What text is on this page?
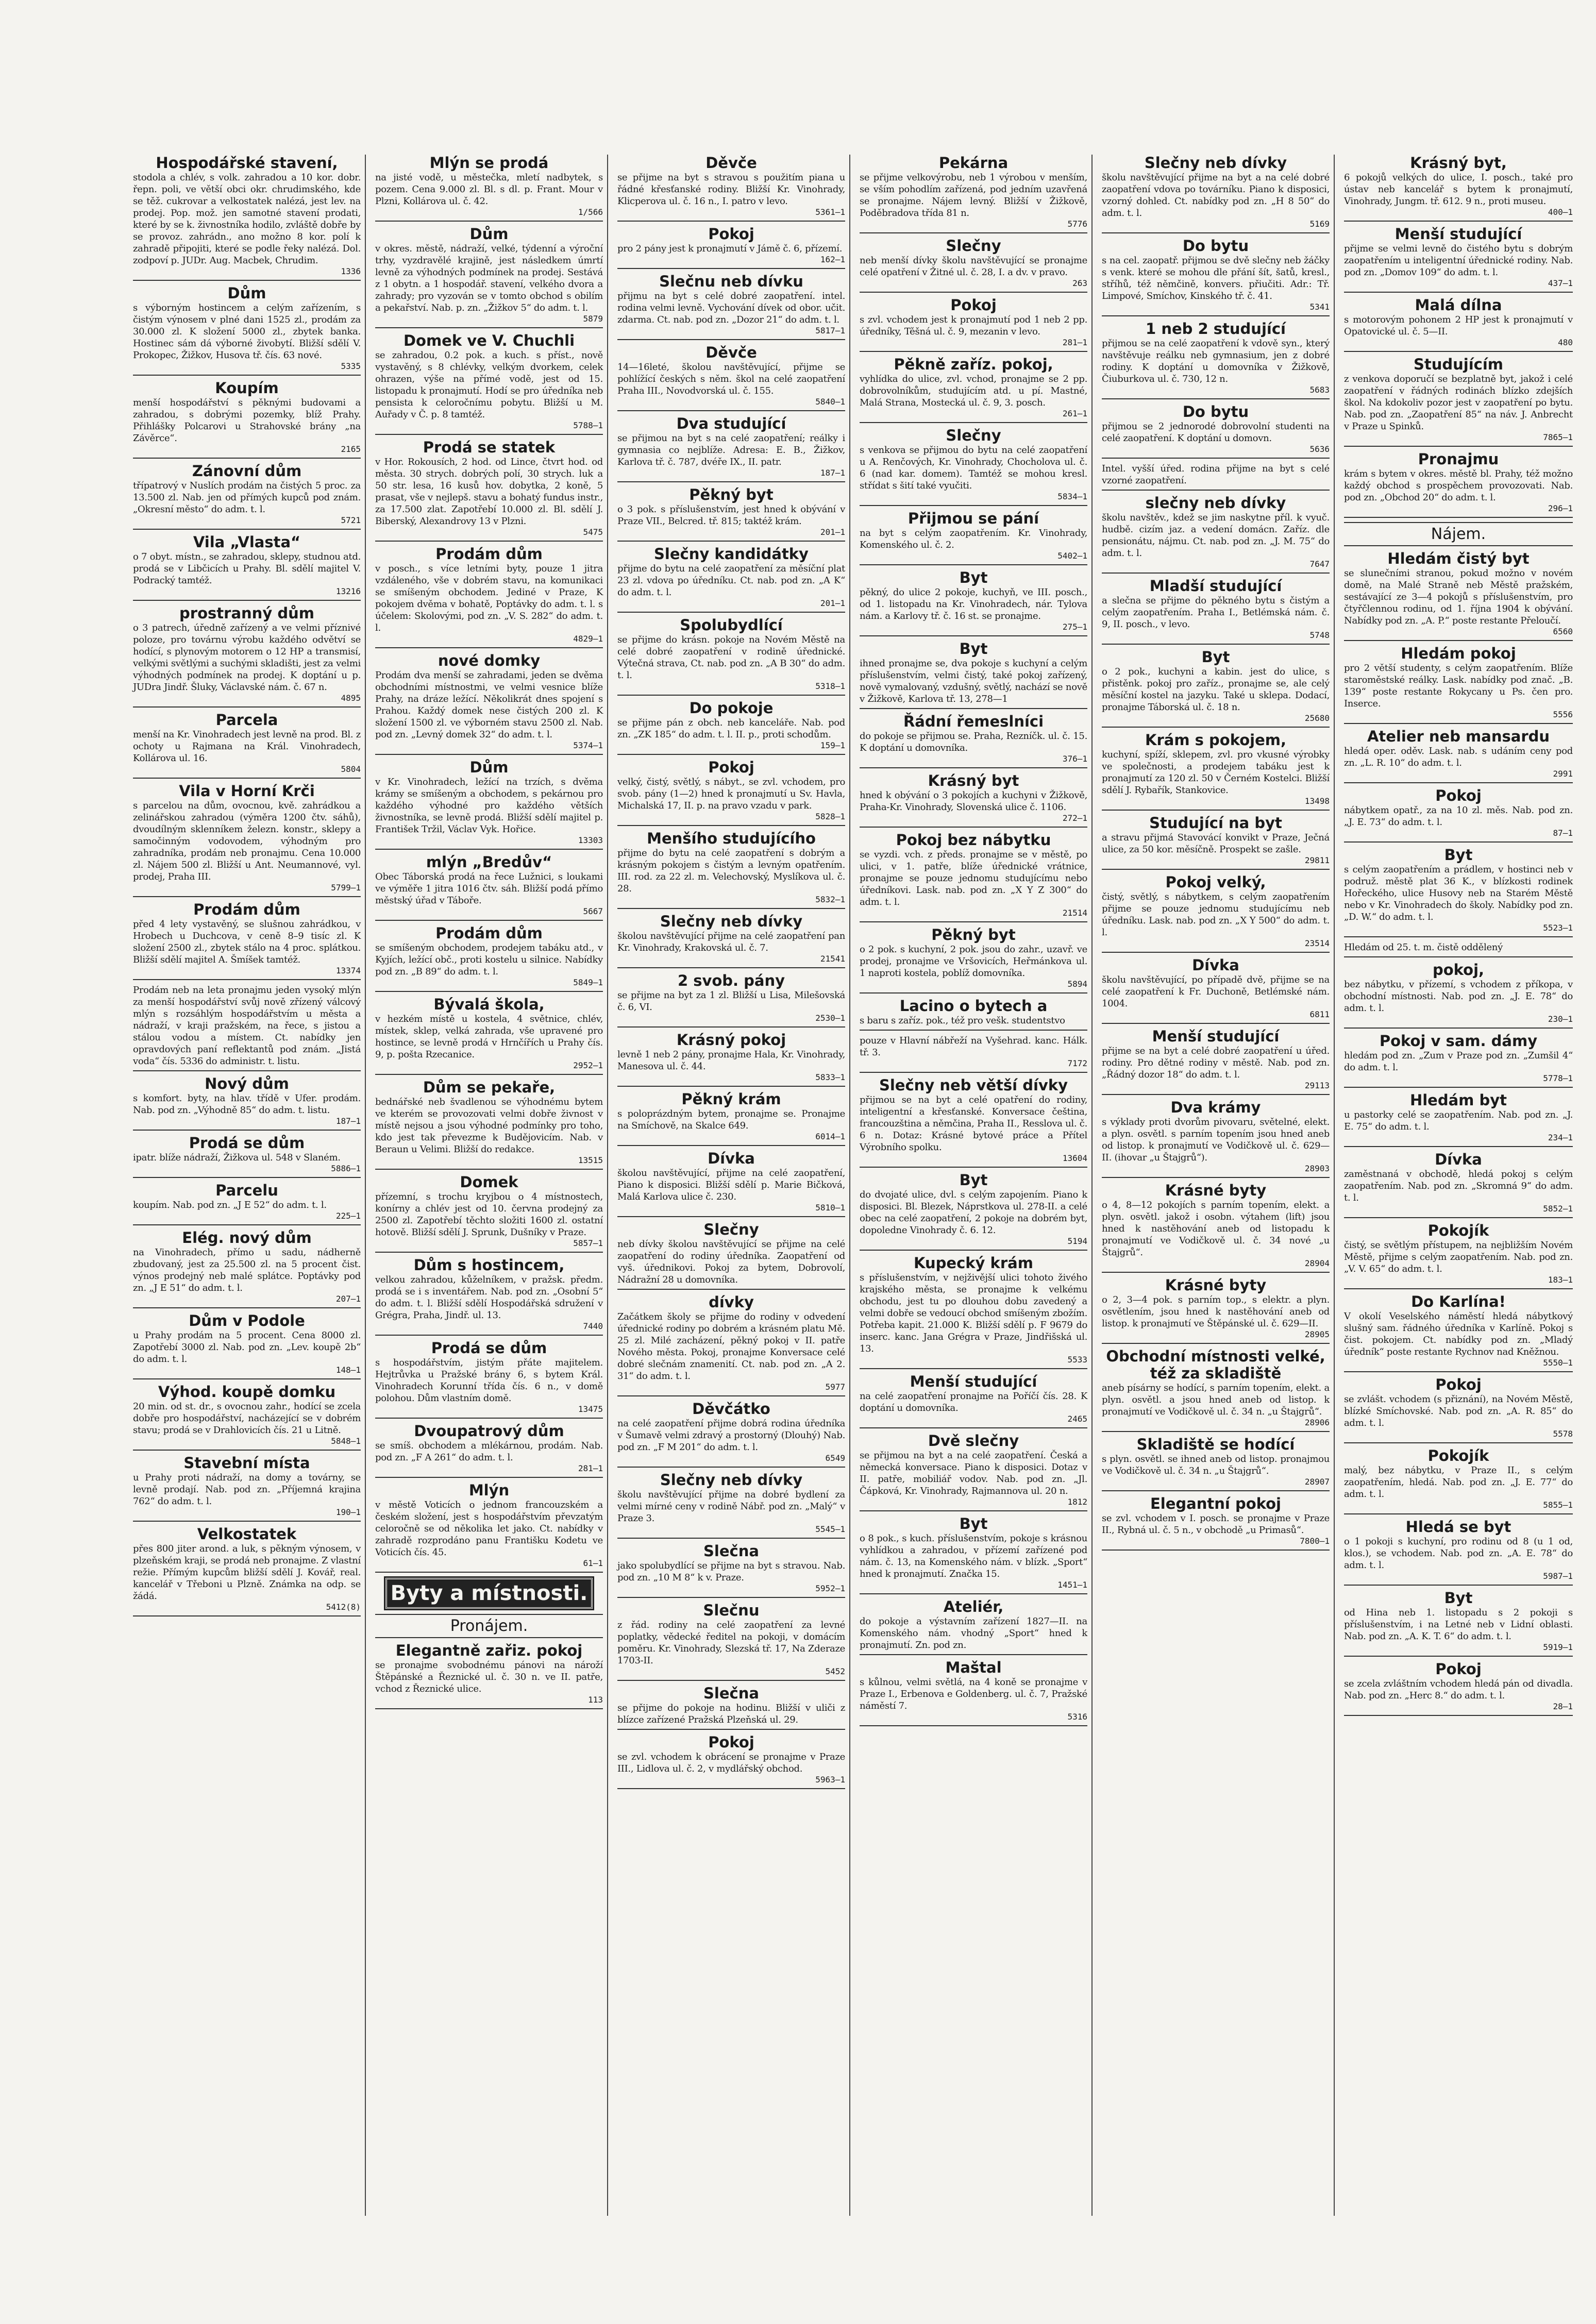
Hospodářské stavení,

stodola a chlév, s volk. zahradou a 10 kor. dobr. řepn. poli, ve větší obci okr. chrudimského, kde se těž. cukrovar a velkostatek nalézá, jest lev. na prodej. Pop. mož. jen samotné stavení prodati, které by se k. živnostníka hodilo, zvláště dobře by se provoz. zahrádn., ano možno 8 kor. polí k zahradě připojiti, které se podle řeky nalézá. Dol. zodpoví p. JUDr. Aug. Macbek, Chrudim.

1336

Dům

s výborným hostincem a celým zařízením, s čistým výnosem v plné dani 1525 zl., prodám za 30.000 zl. K složení 5000 zl., zbytek banka. Hostinec sám dá výborné živobytí. Bližší sdělí V. Prokopec, Žižkov, Husova tř. čís. 63 nové.

5335

Koupím

menší hospodářství s pěknými budovami a zahradou, s dobrými pozemky, blíž Prahy. Přihlášky Polcarovi u Strahovské brány „na Závěrce“.

2165

Zánovní dům

třípatrový v Nuslích prodám na čistých 5 proc. za 13.500 zl. Nab. jen od přímých kupců pod znám. „Okresní město“ do adm. t. l.

5721

Vila „Vlasta“

o 7 obyt. místn., se zahradou, sklepy, studnou atd. prodá se v Libčicích u Prahy. Bl. sdělí majitel V. Podracký tamtéž.

13216

prostranný dům

o 3 patrech, úředně zařízený a ve velmi příznivé poloze, pro továrnu výrobu každého odvětví se hodící, s plynovým motorem o 12 HP a transmisí, velkými světlými a suchými skladišti, jest za velmi výhodných podmínek na prodej. K doptání u p. JUDra Jindř. Šluky, Václavské nám. č. 67 n.

4895

Parcela

menší na Kr. Vinohradech jest levně na prod. Bl. z ochoty u Rajmana na Král. Vinohradech, Kollárova ul. 16.

5804

Vila v Horní Krči

s parcelou na dům, ovocnou, kvě. zahrádkou a zelinářskou zahradou (výměra 1200 čtv. sáhů), dvoudílným sklenníkem železn. konstr., sklepy a samočinným vodovodem, výhodným pro zahradníka, prodám neb pronajmu. Cena 10.000 zl. Nájem 500 zl. Bližší u Ant. Neumannové, vyl. prodej, Praha III.

5799—1

Prodám dům

před 4 lety vystavěný, se slušnou zahrádkou, v Hrobech u Duchcova, v ceně 8–9 tisíc zl. K složení 2500 zl., zbytek stálo na 4 proc. splátkou. Bližší sdělí majitel A. Šmíšek tamtéž.

13374

Prodám neb na leta pronajmu jeden vysoký mlýn za menší hospodářství svůj nově zřízený válcový mlýn s rozsáhlým hospodářstvím u města a nádraží, v kraji pražském, na řece, s jistou a stálou vodou a místem. Ct. nabídky jen opravdových paní reflektantů pod znám. „Jistá voda“ čís. 5336 do administr. t. listu.

Nový dům

s komfort. byty, na hlav. třídě v Ufer. prodám. Nab. pod zn. „Výhodně 85“ do adm. t. listu.

187—1

Prodá se dům

ipatr. blíže nádraží, Žižkova ul. 548 v Slaném.

5886—1

Parcelu

koupím. Nab. pod zn. „J E 52“ do adm. t. l.

225—1

Elég. nový dům

na Vinohradech, přímo u sadu, nádherně zbudovaný, jest za 25.500 zl. na 5 procent čist. výnos prodejný neb malé splátce. Poptávky pod zn. „J E 51“ do adm. t. l.

207—1

Dům v Podole

u Prahy prodám na 5 procent. Cena 8000 zl. Zapotřebí 3000 zl. Nab. pod zn. „Lev. koupě 2b“ do adm. t. l.

148—1

Výhod. koupě domku

20 min. od st. dr., s ovocnou zahr., hodící se zcela dobře pro hospodářství, nacházející se v dobrém stavu; prodá se v Drahlovicích čís. 21 u Litně.

5848—1

Stavební místa

u Prahy proti nádraží, na domy a továrny, se levně prodají. Nab. pod zn. „Příjemná krajina 762“ do adm. t. l.

190—1

Velkostatek

přes 800 jiter arond. a luk, s pěkným výnosem, v plzeňském kraji, se prodá neb pronajme. Z vlastní režie. Přímým kupcům bližší sdělí J. Kovář, real. kancelář v Třeboni u Plzně. Známka na odp. se žádá.

5412(8)

Mlýn se prodá

na jisté vodě, u městečka, mletí nadbytek, s pozem. Cena 9.000 zl. Bl. s dl. p. Frant. Mour v Plzni, Kollárova ul. č. 42.

1/566

Dům

v okres. městě, nádraží, velké, týdenní a výroční trhy, vyzdravělé krajině, jest následkem úmrtí levně za výhodných podmínek na prodej. Sestává z 1 obytn. a 1 hospodář. stavení, velkého dvora a zahrady; pro vyzován se v tomto obchod s obilím a pekařství. Nab. p. zn. „Žižkov 5“ do adm. t. l.

5879

Domek ve V. Chuchli

se zahradou, 0.2 pok. a kuch. s příst., nově vystavěný, s 8 chlévky, velkým dvorkem, celek ohrazen, výše na přímé vodě, jest od 15. listopadu k pronajmutí. Hodí se pro úředníka neb pensista k celoročnímu pobytu. Bližší u M. Auřady v Č. p. 8 tamtéž.

5788—1

Prodá se statek

v Hor. Rokousích, 2 hod. od Lince, čtvrt hod. od města. 30 strych. dobrých polí, 30 strych. luk a 50 str. lesa, 16 kusů hov. dobytka, 2 koně, 5 prasat, vše v nejlepš. stavu a bohatý fundus instr., za 17.500 zlat. Zapotřebí 10.000 zl. Bl. sdělí J. Biberský, Alexandrovy 13 v Plzni.

5475

Prodám dům

v posch., s více letními byty, pouze 1 jitra vzdáleného, vše v dobrém stavu, na komunikaci se smíšeným obchodem. Jediné v Praze, K pokojem dvěma v bohatě, Poptávky do adm. t. l. s účelem: Skolovými, pod zn. „V. S. 282“ do adm. t. l.

4829—1

nové domky

Prodám dva menší se zahradami, jeden se dvěma obchodními místnostmi, ve velmi vesnice blíže Prahy, na dráze ležící. Několikrát dnes spojení s Prahou. Každý domek nese čistých 200 zl. K složení 1500 zl. ve výborném stavu 2500 zl. Nab. pod zn. „Levný domek 32“ do adm. t. l.

5374—1

Dům

v Kr. Vinohradech, ležící na trzích, s dvěma krámy se smíšeným a obchodem, s pekárnou pro každého výhodné pro každého větších živnostníka, se levně prodá. Bližší sdělí majitel p. František Tržil, Václav Vyk. Hořice.

13303

mlýn „Bredův“

Obec Táborská prodá na řece Lužnici, s loukami ve výměře 1 jitra 1016 čtv. sáh. Bližší podá přímo městský úřad v Táboře.

5667

Prodám dům

se smíšeným obchodem, prodejem tabáku atd., v Kyjích, ležící obč., proti kostelu u silnice. Nabídky pod zn. „B 89“ do adm. t. l.

5849—1

Bývalá škola,

v hezkém místě u kostela, 4 světnice, chlév, místek, sklep, velká zahrada, vše upravené pro hostince, se levně prodá v Hrnčířích u Prahy čís. 9, p. pošta Rzecanice.

2952—1

Dům se pekaře,

bednářské neb švadlenou se výhodnému bytem ve kterém se provozovati velmi dobře živnost v místě nejsou a jsou výhodné podmínky pro toho, kdo jest tak převezme k Budějovicím. Nab. v Beraun u Velimi. Bližší do redakce.

13515

Domek

přízemní, s trochu kryjbou o 4 místnostech, konírny a chlév jest od 10. června prodejný za 2500 zl. Zapotřebí těchto složiti 1600 zl. ostatní hotově. Bližší sdělí J. Sprunk, Dušníky v Praze.

5857—1

Dům s hostincem,

velkou zahradou, kůželníkem, v pražsk. předm. prodá se i s inventářem. Nab. pod zn. „Osobní 5“ do adm. t. l. Bližší sdělí Hospodářská sdružení v Grégra, Praha, Jindř. ul. 13.

7440

Prodá se dům

s hospodářstvím, jistým přáte majitelem. Hejtrůvka u Pražské brány 6, s bytem Král. Vinohradech Korunní třída čís. 6 n., v domě polohou. Dům vlastním domě.

13475

Dvoupatrový dům

se smíš. obchodem a mlékárnou, prodám. Nab. pod zn. „F A 261“ do adm. t. l.

281—1

Mlýn

v městě Voticích o jednom francouzském a českém složení, jest s hospodářstvím převzatým celoročně se od několika let jako. Ct. nabídky v zahradě rozprodáno panu Františku Kodetu ve Voticích čís. 45.

61—1

Byty a místnosti.
Pronájem.

Elegantně zařiz. pokoj

se pronajme svobodnému pánovi na nároží Štěpánské a Řeznické ul. č. 30 n. ve II. patře, vchod z Řeznické ulice.

113

Děvče

se přijme na byt s stravou s použitím piana u řádné křesťanské rodiny. Bližší Kr. Vinohrady, Klicperova ul. č. 16 n., I. patro v levo.

5361—1

Pokoj

pro 2 pány jest k pronajmutí v Jámě č. 6, přízemí.

162—1

Slečnu neb dívku

přijmu na byt s celé dobré zaopatření. intel. rodina velmi levně. Vychování dívek od obor. učit. zdarma. Ct. nab. pod zn. „Dozor 21“ do adm. t. l.

5817—1

Děvče

14—16leté, školou navštěvující, přijme se pohlížící českých s něm. škol na celé zaopatření Praha III., Novodvorská ul. č. 155.

5840—1

Dva studující

se přijmou na byt s na celé zaopatření; reálky i gymnasia co nejblíže. Adresa: E. B., Žižkov, Karlova tř. č. 787, dvéře IX., II. patr.

187—1

Pěkný byt

o 3 pok. s příslušenstvím, jest hned k obývání v Praze VII., Belcred. tř. 815; taktéž krám.

201—1

Slečny kandidátky

přijme do bytu na celé zaopatření za měsíční plat 23 zl. vdova po úředníku. Ct. nab. pod zn. „A K“ do adm. t. l.

201—1

Spolubydlící

se přijme do krásn. pokoje na Novém Městě na celé dobré zaopatření v rodině úřednické. Výtečná strava, Ct. nab. pod zn. „A B 30“ do adm. t. l.

5318—1

Do pokoje

se přijme pán z obch. neb kanceláře. Nab. pod zn. „ZK 185“ do adm. t. l. II. p., proti schodům.

159—1

Pokoj

velký, čistý, světlý, s nábyt., se zvl. vchodem, pro svob. pány (1—2) hned k pronajmutí u Sv. Havla, Michalská 17, II. p. na pravo vzadu v park.

5828—1

Menšího studujícího

přijme do bytu na celé zaopatření s dobrým a krásným pokojem s čistým a levným opatřením. III. rod. za 22 zl. m. Velechovský, Myslíkova ul. č. 28.

5832—1

Slečny neb dívky

školou navštěvující přijme na celé zaopatření pan Kr. Vinohrady, Krakovská ul. č. 7.

21541

2 svob. pány

se přijme na byt za 1 zl. Bližší u Lisa, Milešovská č. 6, VI.

2530—1

Krásný pokoj

levně 1 neb 2 pány, pronajme Hala, Kr. Vinohrady, Manesova ul. č. 44.

5833—1

Pěkný krám

s poloprázdným bytem, pronajme se. Pronajme na Smíchově, na Skalce 649.

6014—1

Dívka

školou navštěvující, přijme na celé zaopatření, Piano k disposici. Bližší sdělí p. Marie Bičková, Malá Karlova ulice č. 230.

5810—1

Slečny

neb dívky školou navštěvující se přijme na celé zaopatření do rodiny úředníka. Zaopatření od vyš. úřednikovi. Pokoj za bytem, Dobrovolí, Nádražní 28 u domovníka.

dívky

Začátkem školy se přijme do rodiny v odvedení úřednické rodiny po dobrém a krásném platu Mě. 25 zl. Milé zacházení, pěkný pokoj v II. patře Nového města. Pokoj, pronajme Konversace celé dobré slečnám znamenití. Ct. nab. pod zn. „A 2. 31“ do adm. t. l.

5977

Děvčátko

na celé zaopatření přijme dobrá rodina úředníka v Šumavě velmi zdravý a prostorný (Dlouhý) Nab. pod zn. „F M 201“ do adm. t. l.

6549

Slečny neb dívky

školu navštěvující přijme na dobré bydlení za velmi mírné ceny v rodině Nábř. pod zn. „Malý“ v Praze 3.

5545—1

Slečna

jako spolubydlící se přijme na byt s stravou. Nab. pod zn. „10 M 8“ k v. Praze.

5952—1

Slečnu

z řád. rodiny na celé zaopatření za levné poplatky, vědecké ředitel na pokoji, v domácím poměru. Kr. Vinohrady, Slezská tř. 17, Na Zderaze 1703-II.

5452

Slečna

se přijme do pokoje na hodinu. Bližší v uliči z blízce zařízené Pražská Plzeňská ul. 29.

Pokoj

se zvl. vchodem k obrácení se pronajme v Praze III., Lidlova ul. č. 2, v mydlářský obchod.

5963—1

Pekárna

se přijme velkovýrobu, neb 1 výrobou v menším, se vším pohodlím zařízená, pod jedním uzavřená se pronajme. Nájem levný. Bližší v Žižkově, Poděbradova třída 81 n.

5776

Slečny

neb menší dívky školu navštěvující se pronajme celé opatření v Žitné ul. č. 28, I. a dv. v pravo.

263

Pokoj

s zvl. vchodem jest k pronajmutí pod 1 neb 2 pp. úředníky, Těšná ul. č. 9, mezanin v levo.

281—1

Pěkně zaříz. pokoj,

vyhlídka do ulice, zvl. vchod, pronajme se 2 pp. dobrovolníkům, studujícím atd. u pí. Mastné, Malá Strana, Mostecká ul. č. 9, 3. posch.

261—1

Slečny

s venkova se přijmou do bytu na celé zaopatření u A. Renčových, Kr. Vinohrady, Chocholova ul. č. 6 (nad kar. domem). Tamtéž se mohou kresl. střídat s šití také vyučiti.

5834—1

Přijmou se pání

na byt s celým zaopatřením. Kr. Vinohrady, Komenského ul. č. 2.

5402—1

Byt

pěkný, do ulice 2 pokoje, kuchyň, ve III. posch., od 1. listopadu na Kr. Vinohradech, nár. Tylova nám. a Karlovy tř. č. 16 st. se pronajme.

275—1

Byt

ihned pronajme se, dva pokoje s kuchyní a celým příslušenstvím, velmi čistý, také pokoj zařízený, nově vymalovaný, vzdušný, světlý, nachází se nově v Žižkově, Karlova tř. 13, 278—1

Řádní řemeslníci

do pokoje se přijmou se. Praha, Rezníčk. ul. č. 15. K doptání u domovníka.

376—1

Krásný byt

hned k obývání o 3 pokojích a kuchyni v Žižkově, Praha-Kr. Vinohrady, Slovenská ulice č. 1106.

272—1

Pokoj bez nábytku

se vyzdi. vch. z předs. pronajme se v městě, po ulici, v 1. patře, blíže úřednické vrátnice, pronajme se pouze jednomu studujícímu nebo úředníkovi. Lask. nab. pod zn. „X Y Z 300“ do adm. t. l.

21514

Pěkný byt

o 2 pok. s kuchyní, 2 pok. jsou do zahr., uzavř. ve prodej, pronajme ve Vršovicích, Heřmánkova ul. 1 naproti kostela, poblíž domovníka.

5894

Lacino o bytech a

s baru s zaříz. pok., též pro vešk. studentstvo

pouze v Hlavní nábřeží na Vyšehrad. kanc. Hálk. tř. 3.

7172

Slečny neb větší dívky

přijmou se na byt a celé opatření do rodiny, inteligentní a křesťanské. Konversace čeština, francouzština a němčina, Praha II., Resslova ul. č. 6 n. Dotaz: Krásné bytové práce a Přítel Výrobního spolku.

13604

Byt

do dvojaté ulice, dvl. s celým zapojením. Piano k disposici. Bl. Blezek, Náprstkova ul. 278-II. a celé obec na celé zaopatření, 2 pokoje na dobrém byt, dopoledne Vinohrady č. 6. 12.

5194

Kupecký krám

s příslušenstvím, v nejživější ulici tohoto živého krajského města, se pronajme k velkému obchodu, jest tu po dlouhou dobu zavedený a velmi dobře se vedoucí obchod smíšeným zbožím. Potřeba kapit. 21.000 K. Bližší sdělí p. F 9679 do inserc. kanc. Jana Grégra v Praze, Jindřišská ul. 13.

5533

Menší studující

na celé zaopatření pronajme na Poříčí čís. 28. K doptání u domovníka.

2465

Dvě slečny

se přijmou na byt a na celé zaopatření. Česká a německá konversace. Piano k disposici. Dotaz v II. patře, mobiliář vodov. Nab. pod zn. „Jl. Čápková, Kr. Vinohrady, Rajmannova ul. 20 n.

1812

Byt

o 8 pok., s kuch. příslušenstvím, pokoje s krásnou vyhlídkou a zahradou, v přízemí zařízené pod nám. č. 13, na Komenského nám. v blízk. „Sport“ hned k pronajmutí. Značka 15.

1451—1

Ateliér,

do pokoje a výstavním zařízení 1827—II. na Komenského nám. vhodný „Sport“ hned k pronajmutí. Zn. pod zn.

Maštal

s kůlnou, velmi světlá, na 4 koně se pronajme v Praze I., Erbenova e Goldenberg. ul. č. 7, Pražské náměstí 7.

5316

Slečny neb dívky

školu navštěvující přijme na byt a na celé dobré zaopatření vdova po továrníku. Piano k disposici, vzorný dohled. Ct. nabídky pod zn. „H 8 50“ do adm. t. l.

5169

Do bytu

s na cel. zaopatř. přijmou se dvě slečny neb žáčky s venk. které se mohou dle přání šít, šatů, kresl., stříhů, též němčině, konvers. přiučiti. Adr.: Tř. Limpové, Smíchov, Kinského tř. č. 41.

5341

1 neb 2 studující

přijmou se na celé zaopatření k vdově syn., který navštěvuje reálku neb gymnasium, jen z dobré rodiny. K doptání u domovníka v Žižkově, Čiuburkova ul. č. 730, 12 n.

5683

Do bytu

přijmou se 2 jednorodé dobrovolní studenti na celé zaopatření. K doptání u domovn.

5636

Intel. vyšší úřed. rodina přijme na byt s celé vzorné zaopatření.

slečny neb dívky

školu navštěv., kdež se jim naskytne příl. k vyuč. hudbě. cizím jaz. a vedení domácn. Zaříz. dle pensionátu, nájmu. Ct. nab. pod zn. „J. M. 75“ do adm. t. l.

7647

Mladší studující

a slečna se přijme do pěkného bytu s čistým a celým zaopatřením. Praha I., Betlémská nám. č. 9, II. posch., v levo.

5748

Byt

o 2 pok., kuchyni a kabin. jest do ulice, s přistěnk. pokoj pro zaříz., pronajme se, ale celý měsíční kostel na jazyku. Také u sklepa. Dodací, pronajme Táborská ul. č. 18 n.

25680

Krám s pokojem,

kuchyní, spíží, sklepem, zvl. pro vkusné výrobky ve společnosti, a prodejem tabáku jest k pronajmutí za 120 zl. 50 v Černém Kostelci. Bližší sdělí J. Rybařík, Stankovice.

13498

Studující na byt

a stravu přijmá Stavovácí konvikt v Praze, Ječná ulice, za 50 kor. měsíčně. Prospekt se zašle.

29811

Pokoj velký,

čistý, světlý, s nábytkem, s celým zaopatřením přijme se pouze jednomu studujícímu neb úředníku. Lask. nab. pod zn. „X Y 500“ do adm. t. l.

23514

Dívka

školu navštěvující, po případě dvě, přijme se na celé zaopatření k Fr. Duchoně, Betlémské nám. 1004.

6811

Menší studující

přijme se na byt a celé dobré zaopatření u úřed. rodiny. Pro dětné rodiny v městě. Nab. pod zn. „Řádný dozor 18“ do adm. t. l.

29113

Dva krámy

s výklady proti dvorům pivovaru, světelné, elekt. a plyn. osvětl. s parním topením jsou hned aneb od listop. k pronajmutí ve Vodičkově ul. č. 629—II. (ihovar „u Štajgrů“).

28903

Krásné byty

o 4, 8—12 pokojích s parním topením, elekt. a plyn. osvětl. jakož i osobn. výtahem (lift) jsou hned k nastěhování aneb od listopadu k pronajmutí ve Vodičkově ul. č. 34 nové „u Štajgrů“.

28904

Krásné byty

o 2, 3—4 pok. s parním top., s elektr. a plyn. osvětlením, jsou hned k nastěhování aneb od listop. k pronajmutí ve Štěpánské ul. č. 629—II.

28905

Obchodní místnosti velké, též za skladiště

aneb písárny se hodící, s parním topením, elekt. a plyn. osvětl. a jsou hned aneb od listop. k pronajmutí ve Vodičkově ul. č. 34 n. „u Štajgrů“.

28906

Skladiště se hodící

s plyn. osvětl. se ihned aneb od listop. pronajmou ve Vodičkově ul. č. 34 n. „u Štajgrů“.

28907

Elegantní pokoj

se zvl. vchodem v I. posch. se pronajme v Praze II., Rybná ul. č. 5 n., v obchodě „u Primasů“.

7800—1

Krásný byt,

6 pokojů velkých do ulice, I. posch., také pro ústav neb kancelář s bytem k pronajmutí, Vinohrady, Jungm. tř. 612. 9 n., proti museu.

400—1

Menší studující

přijme se velmi levně do čistého bytu s dobrým zaopatřením u inteligentní úřednické rodiny. Nab. pod zn. „Domov 109“ do adm. t. l.

437—1

Malá dílna

s motorovým pohonem 2 HP jest k pronajmutí v Opatovické ul. č. 5—II.

480

Studujícím

z venkova doporučí se bezplatně byt, jakož i celé zaopatření v řádných rodinách blízko zdejších škol. Na kdokoliv pozor jest v zaopatření po bytu. Nab. pod zn. „Zaopatření 85“ na náv. J. Anbrecht v Praze u Spinků.

7865—1

Pronajmu

krám s bytem v okres. městě bl. Prahy, též možno každý obchod s prospěchem provozovati. Nab. pod zn. „Obchod 20“ do adm. t. l.

296—1

Nájem.

Hledám čistý byt

se slunečními stranou, pokud možno v novém domě, na Malé Straně neb Městě pražském, sestávající ze 3—4 pokojů s příslušenstvím, pro čtyřčlennou rodinu, od 1. října 1904 k obývání. Nabídky pod zn. „A. P.“ poste restante Přeloučí.

6560

Hledám pokoj

pro 2 větší studenty, s celým zaopatřením. Blíže staroměstské reálky. Lask. nabídky pod znač. „B. 139“ poste restante Rokycany u Ps. čen pro. Inserce.

5556

Atelier neb mansardu

hledá oper. oděv. Lask. nab. s udáním ceny pod zn. „L. R. 10“ do adm. t. l.

2991

Pokoj

nábytkem opatř., za na 10 zl. měs. Nab. pod zn. „J. E. 73“ do adm. t. l.

87—1

Byt

s celým zaopatřením a prádlem, v hostinci neb v podruž. městě plat 36 K., v blízkosti rodinek Hořeckého, ulice Husovy neb na Starém Městě nebo v Kr. Vinohradech do školy. Nabídky pod zn. „D. W.“ do adm. t. l.

5523—1

Hledám od 25. t. m. čistě oddělený

pokoj,

bez nábytku, v přízemí, s vchodem z příkopa, v obchodní místnosti. Nab. pod zn. „J. E. 78“ do adm. t. l.

230—1

Pokoj v sam. dámy

hledám pod zn. „Zum v Praze pod zn. „Zumšil 4“ do adm. t. l.

5778—1

Hledám byt

u pastorky celé se zaopatřením. Nab. pod zn. „J. E. 75“ do adm. t. l.

234—1

Dívka

zaměstnaná v obchodě, hledá pokoj s celým zaopatřením. Nab. pod zn. „Skromná 9“ do adm. t. l.

5852—1

Pokojík

čistý, se světlým přístupem, na nejbližším Novém Městě, přijme s celým zaopatřením. Nab. pod zn. „V. V. 65“ do adm. t. l.

183—1

Do Karlína!

V okolí Veselského náměstí hledá nábytkový slušný sam. řádného úředníka v Karlíně. Pokoj s čist. pokojem. Ct. nabídky pod zn. „Mladý úředník“ poste restante Rychnov nad Kněžnou.

5550—1

Pokoj

se zvlášt. vchodem (s přiznání), na Novém Městě, blízké Smíchovské. Nab. pod zn. „A. R. 85“ do adm. t. l.

5578

Pokojík

malý, bez nábytku, v Praze II., s celým zaopatřením, hledá. Nab. pod zn. „J. E. 77“ do adm. t. l.

5855—1

Hledá se byt

o 1 pokoji s kuchyní, pro rodinu od 8 (u 1 od, klos.), se vchodem. Nab. pod zn. „A. E. 78“ do adm. t. l.

5987—1

Byt

od Hina neb 1. listopadu s 2 pokoji s příslušenstvím, i na Letné neb v Lidní oblasti. Nab. pod zn. „A. K. T. 6“ do adm. t. l.

5919—1

Pokoj

se zcela zvláštním vchodem hledá pán od divadla. Nab. pod zn. „Herc 8.“ do adm. t. l.

28—1
